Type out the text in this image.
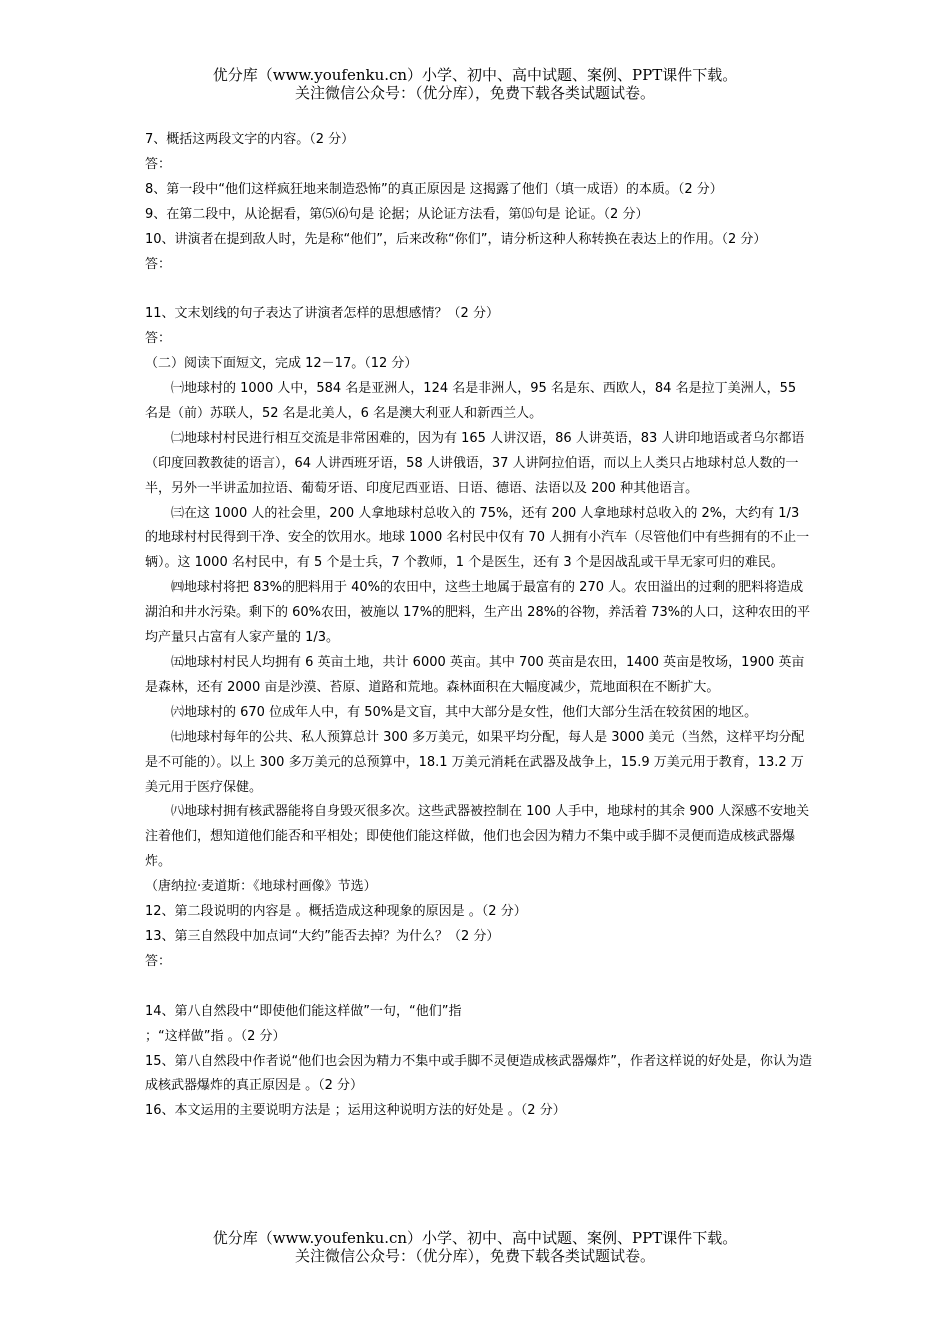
优分库（www.youfenku.cn）小学、初中、高中试题、案例、PPT课件下载。
关注微信公众号：（优分库），免费下载各类试题试卷。

7、概括这两段文字的内容。（2 分）

答：

8、第一段中“他们这样疯狂地来制造恐怖”的真正原因是 这揭露了他们（填一成语）的本质。（2 分）

9、在第二段中，从论据看，第⑸⑹句是 论据；从论证方法看，第⒂句是 论证。（2 分）

10、讲演者在提到敌人时，先是称“他们”，后来改称“你们”，请分析这种人称转换在表达上的作用。（2 分）

答：

11、文末划线的句子表达了讲演者怎样的思想感情？（2 分）

答：

（二）阅读下面短文，完成 12－17。（12 分）

㈠地球村的 1000 人中，584 名是亚洲人，124 名是非洲人，95 名是东、西欧人，84 名是拉丁美洲人，55 名是（前）苏联人，52 名是北美人，6 名是澳大利亚人和新西兰人。

㈡地球村村民进行相互交流是非常困难的，因为有 165 人讲汉语，86 人讲英语，83 人讲印地语或者乌尔都语（印度回教教徒的语言），64 人讲西班牙语，58 人讲俄语，37 人讲阿拉伯语，而以上人类只占地球村总人数的一半，另外一半讲孟加拉语、葡萄牙语、印度尼西亚语、日语、德语、法语以及 200 种其他语言。

㈢在这 1000 人的社会里，200 人拿地球村总收入的 75%，还有 200 人拿地球村总收入的 2%，大约有 1/3 的地球村村民得到干净、安全的饮用水。地球 1000 名村民中仅有 70 人拥有小汽车（尽管他们中有些拥有的不止一辆）。这 1000 名村民中，有 5 个是士兵，7 个教师，1 个是医生，还有 3 个是因战乱或干旱无家可归的难民。

㈣地球村将把 83%的肥料用于 40%的农田中，这些土地属于最富有的 270 人。农田溢出的过剩的肥料将造成湖泊和井水污染。剩下的 60%农田，被施以 17%的肥料，生产出 28%的谷物，养活着 73%的人口，这种农田的平均产量只占富有人家产量的 1/3。

㈤地球村村民人均拥有 6 英亩土地，共计 6000 英亩。其中 700 英亩是农田，1400 英亩是牧场，1900 英亩是森林，还有 2000 亩是沙漠、苔原、道路和荒地。森林面积在大幅度减少，荒地面积在不断扩大。

㈥地球村的 670 位成年人中，有 50%是文盲，其中大部分是女性，他们大部分生活在较贫困的地区。

㈦地球村每年的公共、私人预算总计 300 多万美元，如果平均分配，每人是 3000 美元（当然，这样平均分配是不可能的）。以上 300 多万美元的总预算中，18.1 万美元消耗在武器及战争上，15.9 万美元用于教育，13.2 万美元用于医疗保健。

㈧地球村拥有核武器能将自身毁灭很多次。这些武器被控制在 100 人手中，地球村的其余 900 人深感不安地关注着他们，想知道他们能否和平相处；即使他们能这样做，他们也会因为精力不集中或手脚不灵便而造成核武器爆炸。

（唐纳拉·麦道斯：《地球村画像》节选）

12、第二段说明的内容是 。概括造成这种现象的原因是 。（2 分）

13、第三自然段中加点词“大约”能否去掉？为什么？（2 分）

答：

14、第八自然段中“即使他们能这样做”一句，“他们”指

；“这样做”指 。（2 分）

15、第八自然段中作者说“他们也会因为精力不集中或手脚不灵便造成核武器爆炸”，作者这样说的好处是，你认为造成核武器爆炸的真正原因是 。（2 分）

16、本文运用的主要说明方法是 ；运用这种说明方法的好处是 。（2 分）

优分库（www.youfenku.cn）小学、初中、高中试题、案例、PPT课件下载。
关注微信公众号：（优分库），免费下载各类试题试卷。
